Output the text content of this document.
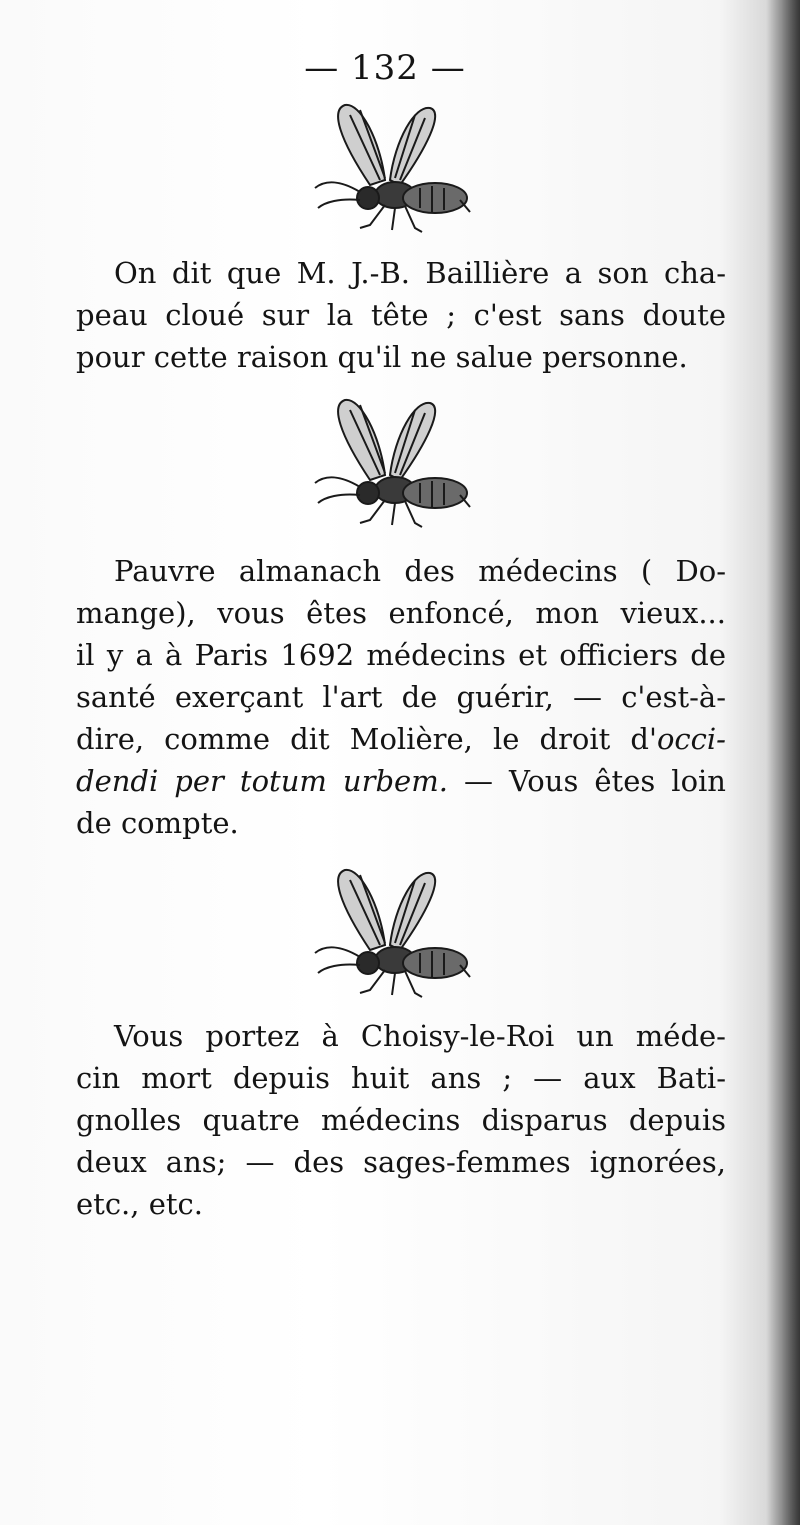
— 132 —
On dit que M. J.-B. Baillière a son cha-
peau cloué sur la tête ; c'est sans doute
pour cette raison qu'il ne salue personne.
Pauvre almanach des médecins ( Do-
mange), vous êtes enfoncé, mon vieux...
il y a à Paris 1692 médecins et officiers de
santé exerçant l'art de guérir, — c'est-à-
dire, comme dit Molière, le droit d'occi-
dendi per totum urbem. — Vous êtes loin
de compte.
Vous portez à Choisy-le-Roi un méde-
cin mort depuis huit ans ; — aux Bati-
gnolles quatre médecins disparus depuis
deux ans; — des sages-femmes ignorées,
etc., etc.
